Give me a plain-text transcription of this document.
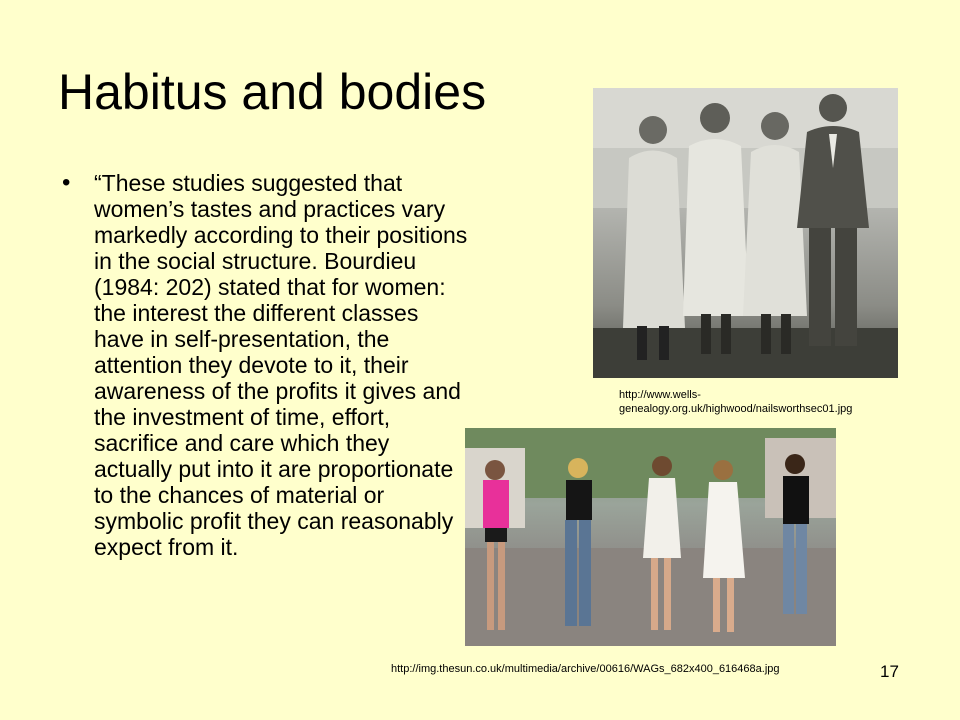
Habitus and bodies
• “These studies suggested that women’s tastes and practices vary markedly according to their positions in the social structure. Bourdieu (1984: 202) stated that for women: the interest the different classes have in self-presentation, the attention they devote to it, their awareness of the profits it gives and the investment of time, effort, sacrifice and care which they actually put into it are proportionate to the chances of material or symbolic profit they can reasonably expect from it.
http://www.wells-genealogy.org.uk/highwood/nailsworthsec01.jpg
http://img.thesun.co.uk/multimedia/archive/00616/WAGs_682x400_616468a.jpg	17
